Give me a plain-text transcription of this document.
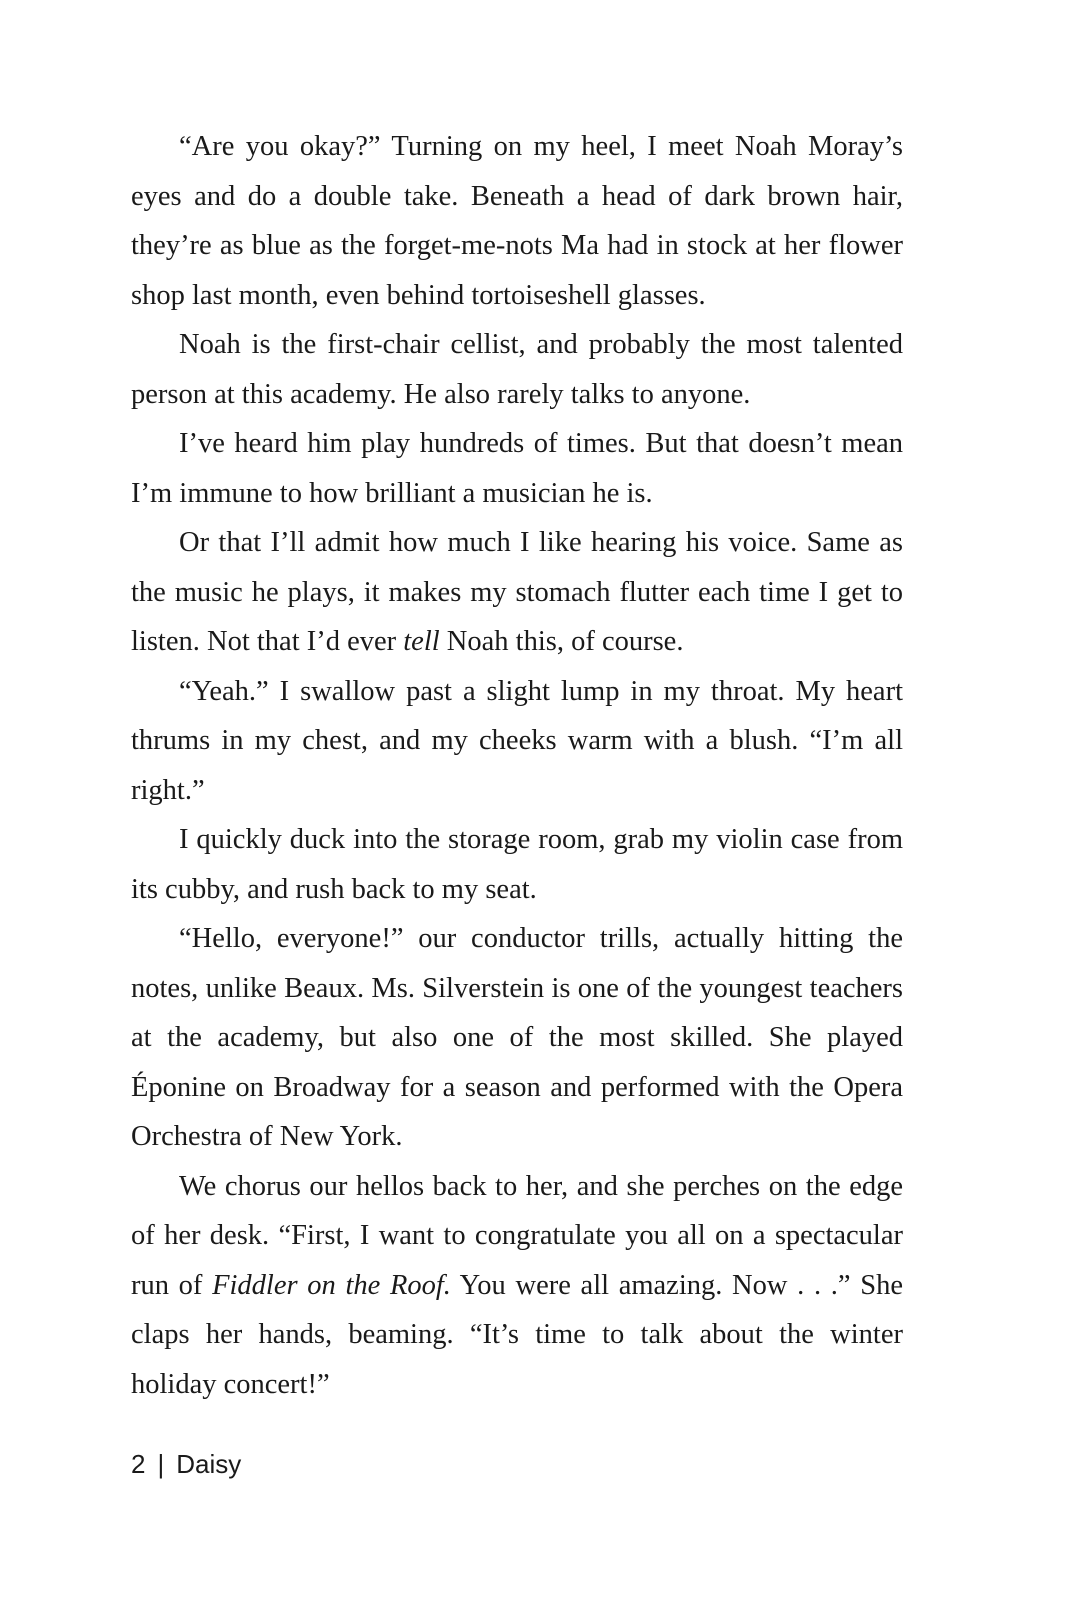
“Are you okay?” Turning on my heel, I meet Noah Moray’s eyes and do a double take. Beneath a head of dark brown hair, they’re as blue as the forget-me-nots Ma had in stock at her flower shop last month, even behind tortoiseshell glasses.

Noah is the first-chair cellist, and probably the most talented person at this academy. He also rarely talks to anyone.

I’ve heard him play hundreds of times. But that doesn’t mean I’m immune to how brilliant a musician he is.

Or that I’ll admit how much I like hearing his voice. Same as the music he plays, it makes my stomach flutter each time I get to listen. Not that I’d ever tell Noah this, of course.

“Yeah.” I swallow past a slight lump in my throat. My heart thrums in my chest, and my cheeks warm with a blush. “I’m all right.”

I quickly duck into the storage room, grab my violin case from its cubby, and rush back to my seat.

“Hello, everyone!” our conductor trills, actually hitting the notes, unlike Beaux. Ms. Silverstein is one of the youngest teachers at the academy, but also one of the most skilled. She played Éponine on Broadway for a season and performed with the Opera Orchestra of New York.

We chorus our hellos back to her, and she perches on the edge of her desk. “First, I want to congratulate you all on a spectacular run of Fiddler on the Roof. You were all amazing. Now . . .” She claps her hands, beaming. “It’s time to talk about the winter holiday concert!”

2 | Daisy
